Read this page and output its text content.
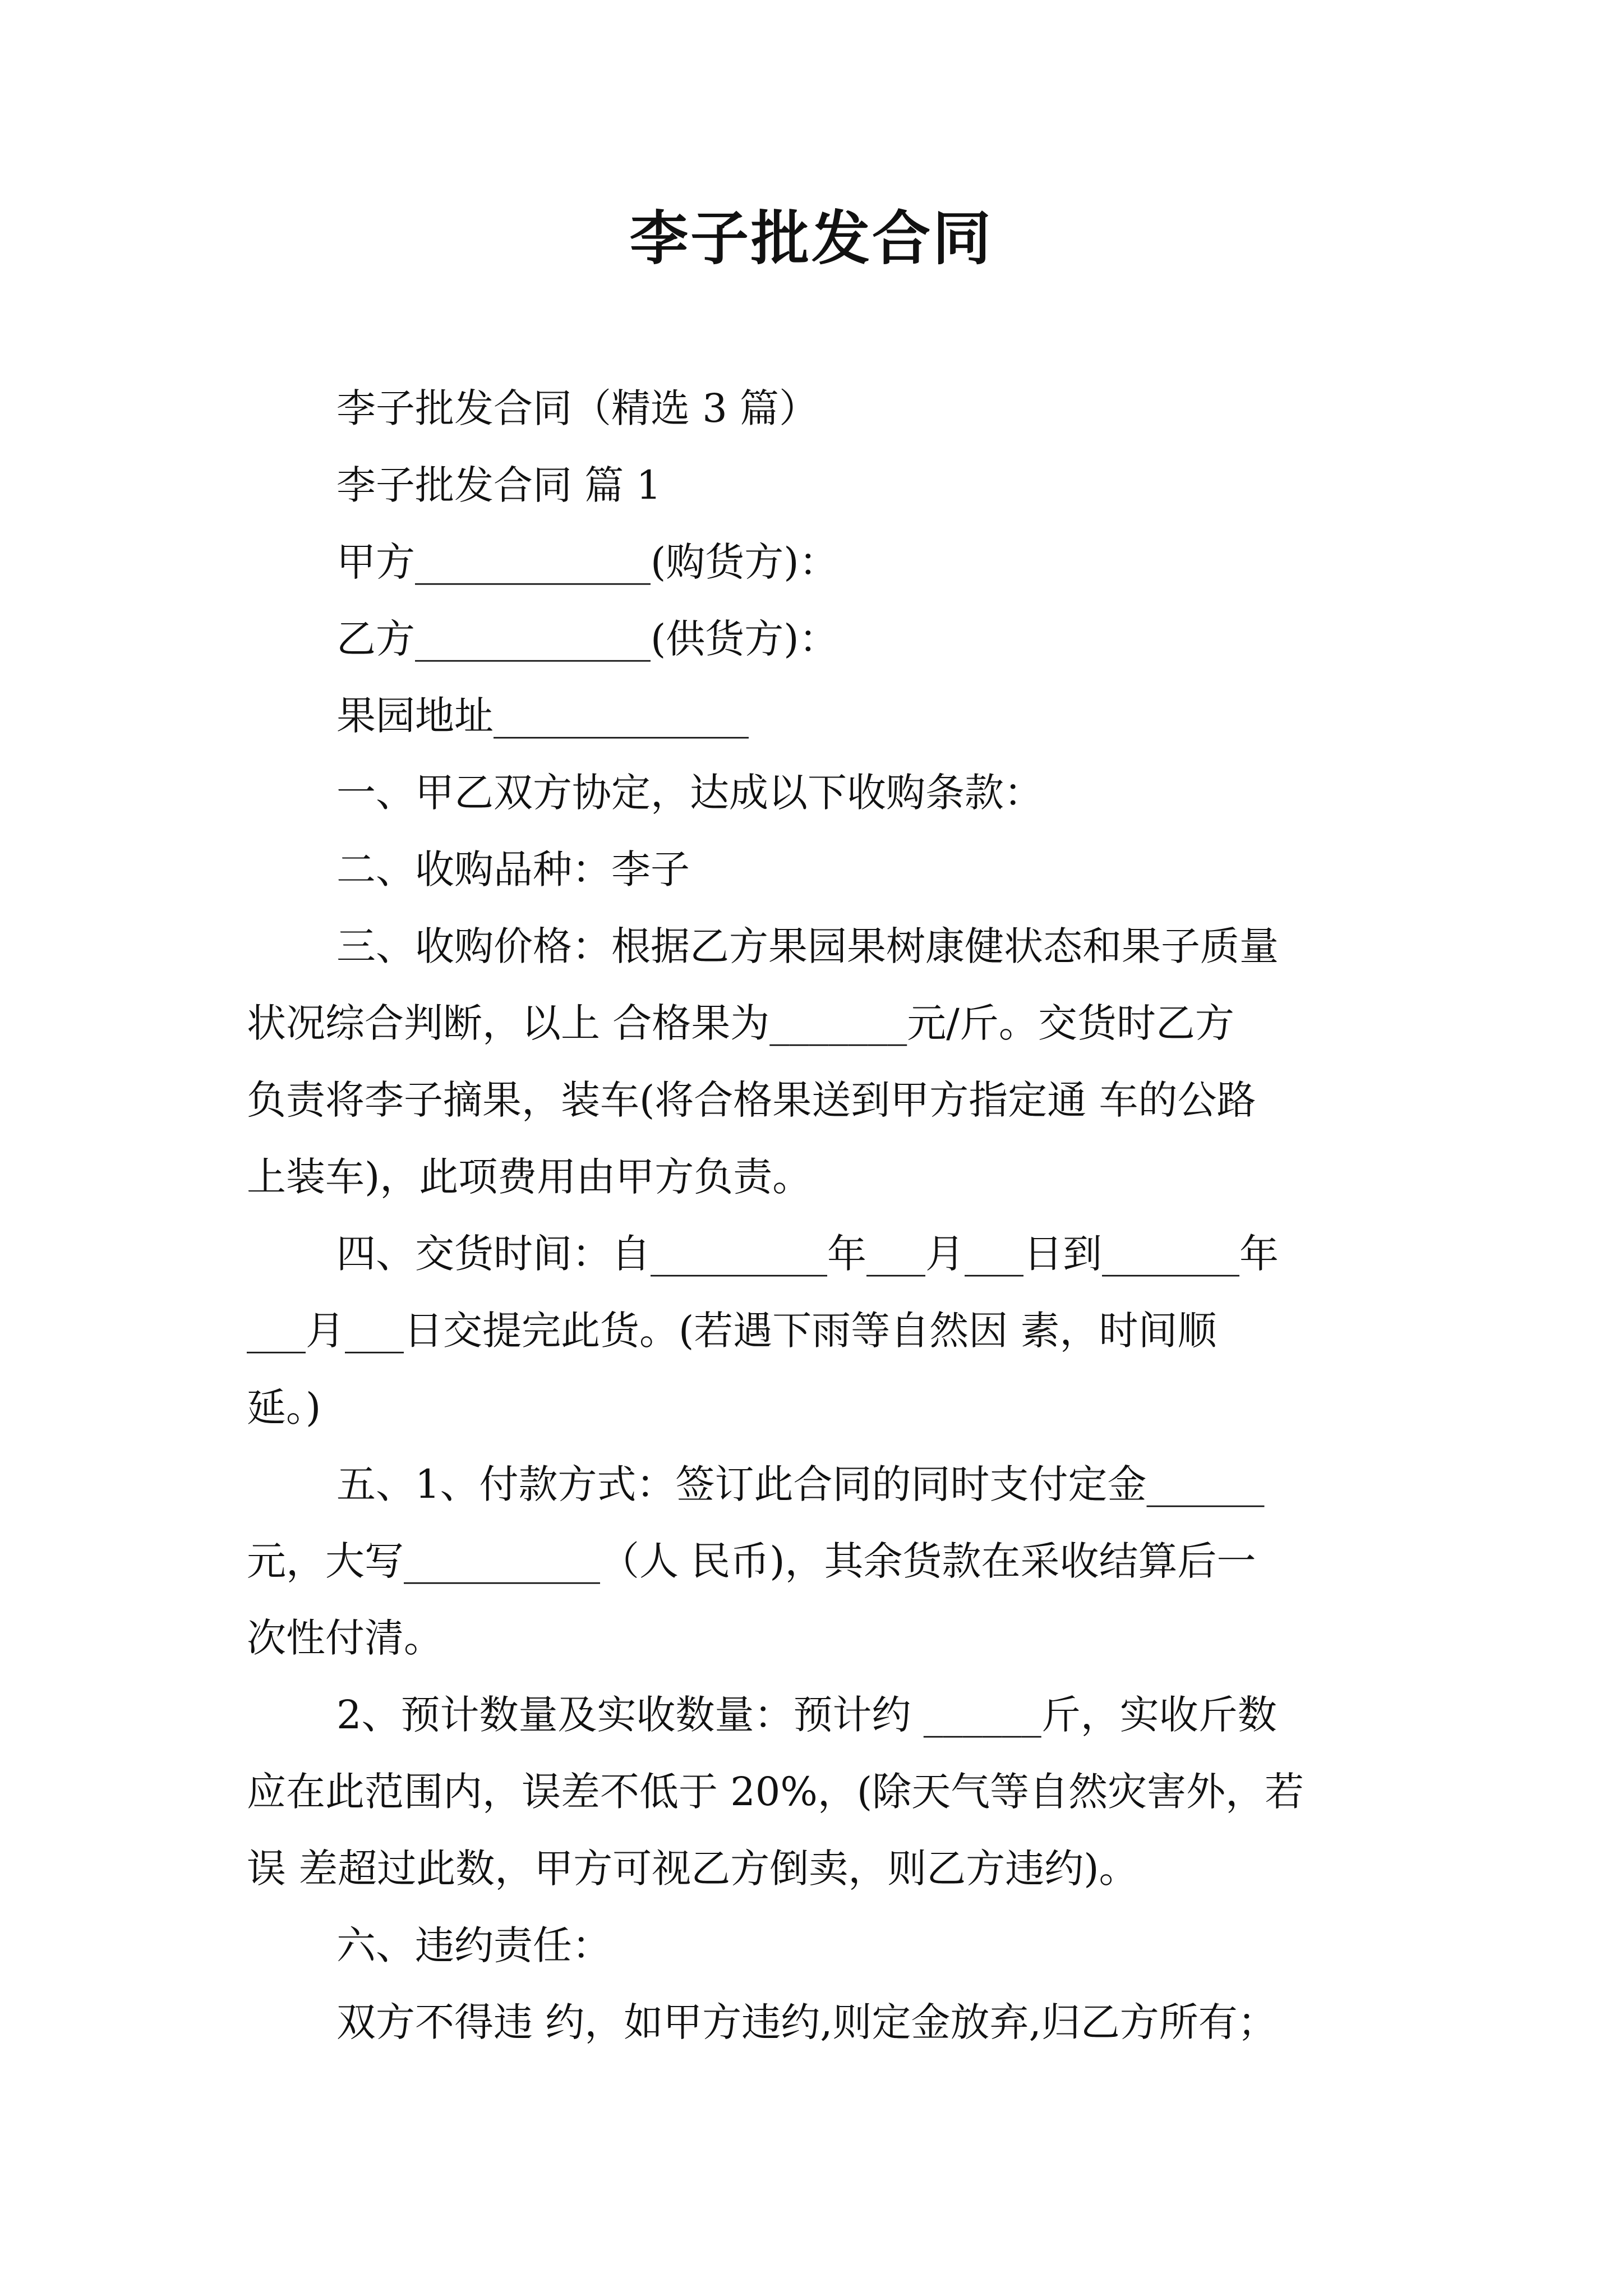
李子批发合同
李子批发合同（精选 3 篇）
李子批发合同 篇 1
甲方____________(购货方)：
乙方____________(供货方)：
果园地址_____________
一、甲乙双方协定，达成以下收购条款：
二、收购品种：李子
三、收购价格：根据乙方果园果树康健状态和果子质量
状况综合判断，以上 合格果为_______元/斤。交货时乙方
负责将李子摘果，装车(将合格果送到甲方指定通 车的公路
上装车)，此项费用由甲方负责。
四、交货时间：自_________年___月___日到_______年
___月___日交提完此货。(若遇下雨等自然因 素，时间顺
延。)
五、1、付款方式：签订此合同的同时支付定金______
元，大写__________（人 民币)，其余货款在采收结算后一
次性付清。
2、预计数量及实收数量：预计约 ______斤，实收斤数
应在此范围内，误差不低于 20%，(除天气等自然灾害外，若
误 差超过此数，甲方可视乙方倒卖，则乙方违约)。
六、违约责任：
双方不得违 约，如甲方违约,则定金放弃,归乙方所有；
